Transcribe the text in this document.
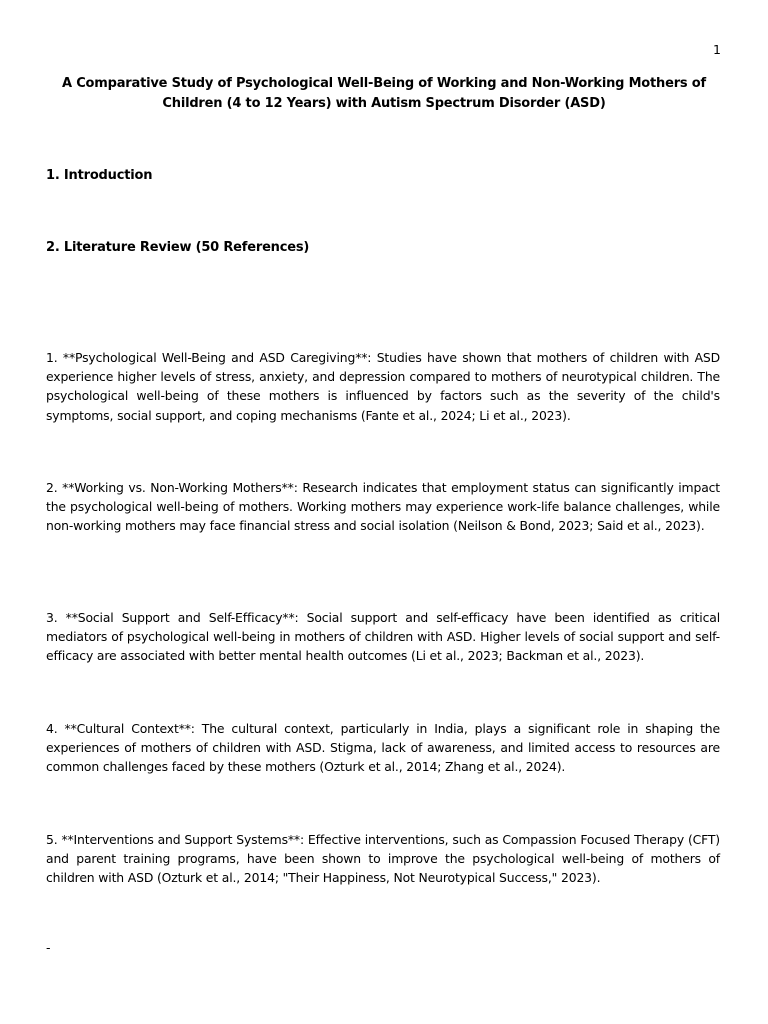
1
A Comparative Study of Psychological Well-Being of Working and Non-Working Mothers of Children (4 to 12 Years) with Autism Spectrum Disorder (ASD)
1. Introduction
2. Literature Review (50 References)

1. **Psychological Well-Being and ASD Caregiving**: Studies have shown that mothers of children with ASD experience higher levels of stress, anxiety, and depression compared to mothers of neurotypical children. The psychological well-being of these mothers is influenced by factors such as the severity of the child's symptoms, social support, and coping mechanisms (Fante et al., 2024; Li et al., 2023).

2. **Working vs. Non-Working Mothers**: Research indicates that employment status can significantly impact the psychological well-being of mothers. Working mothers may experience work-life balance challenges, while non-working mothers may face financial stress and social isolation (Neilson & Bond, 2023; Said et al., 2023).

3. **Social Support and Self-Efficacy**: Social support and self-efficacy have been identified as critical mediators of psychological well-being in mothers of children with ASD. Higher levels of social support and self-efficacy are associated with better mental health outcomes (Li et al., 2023; Backman et al., 2023).

4. **Cultural Context**: The cultural context, particularly in India, plays a significant role in shaping the experiences of mothers of children with ASD. Stigma, lack of awareness, and limited access to resources are common challenges faced by these mothers (Ozturk et al., 2014; Zhang et al., 2024).

5. **Interventions and Support Systems**: Effective interventions, such as Compassion Focused Therapy (CFT) and parent training programs, have been shown to improve the psychological well-being of mothers of children with ASD (Ozturk et al., 2014; "Their Happiness, Not Neurotypical Success," 2023).

-
